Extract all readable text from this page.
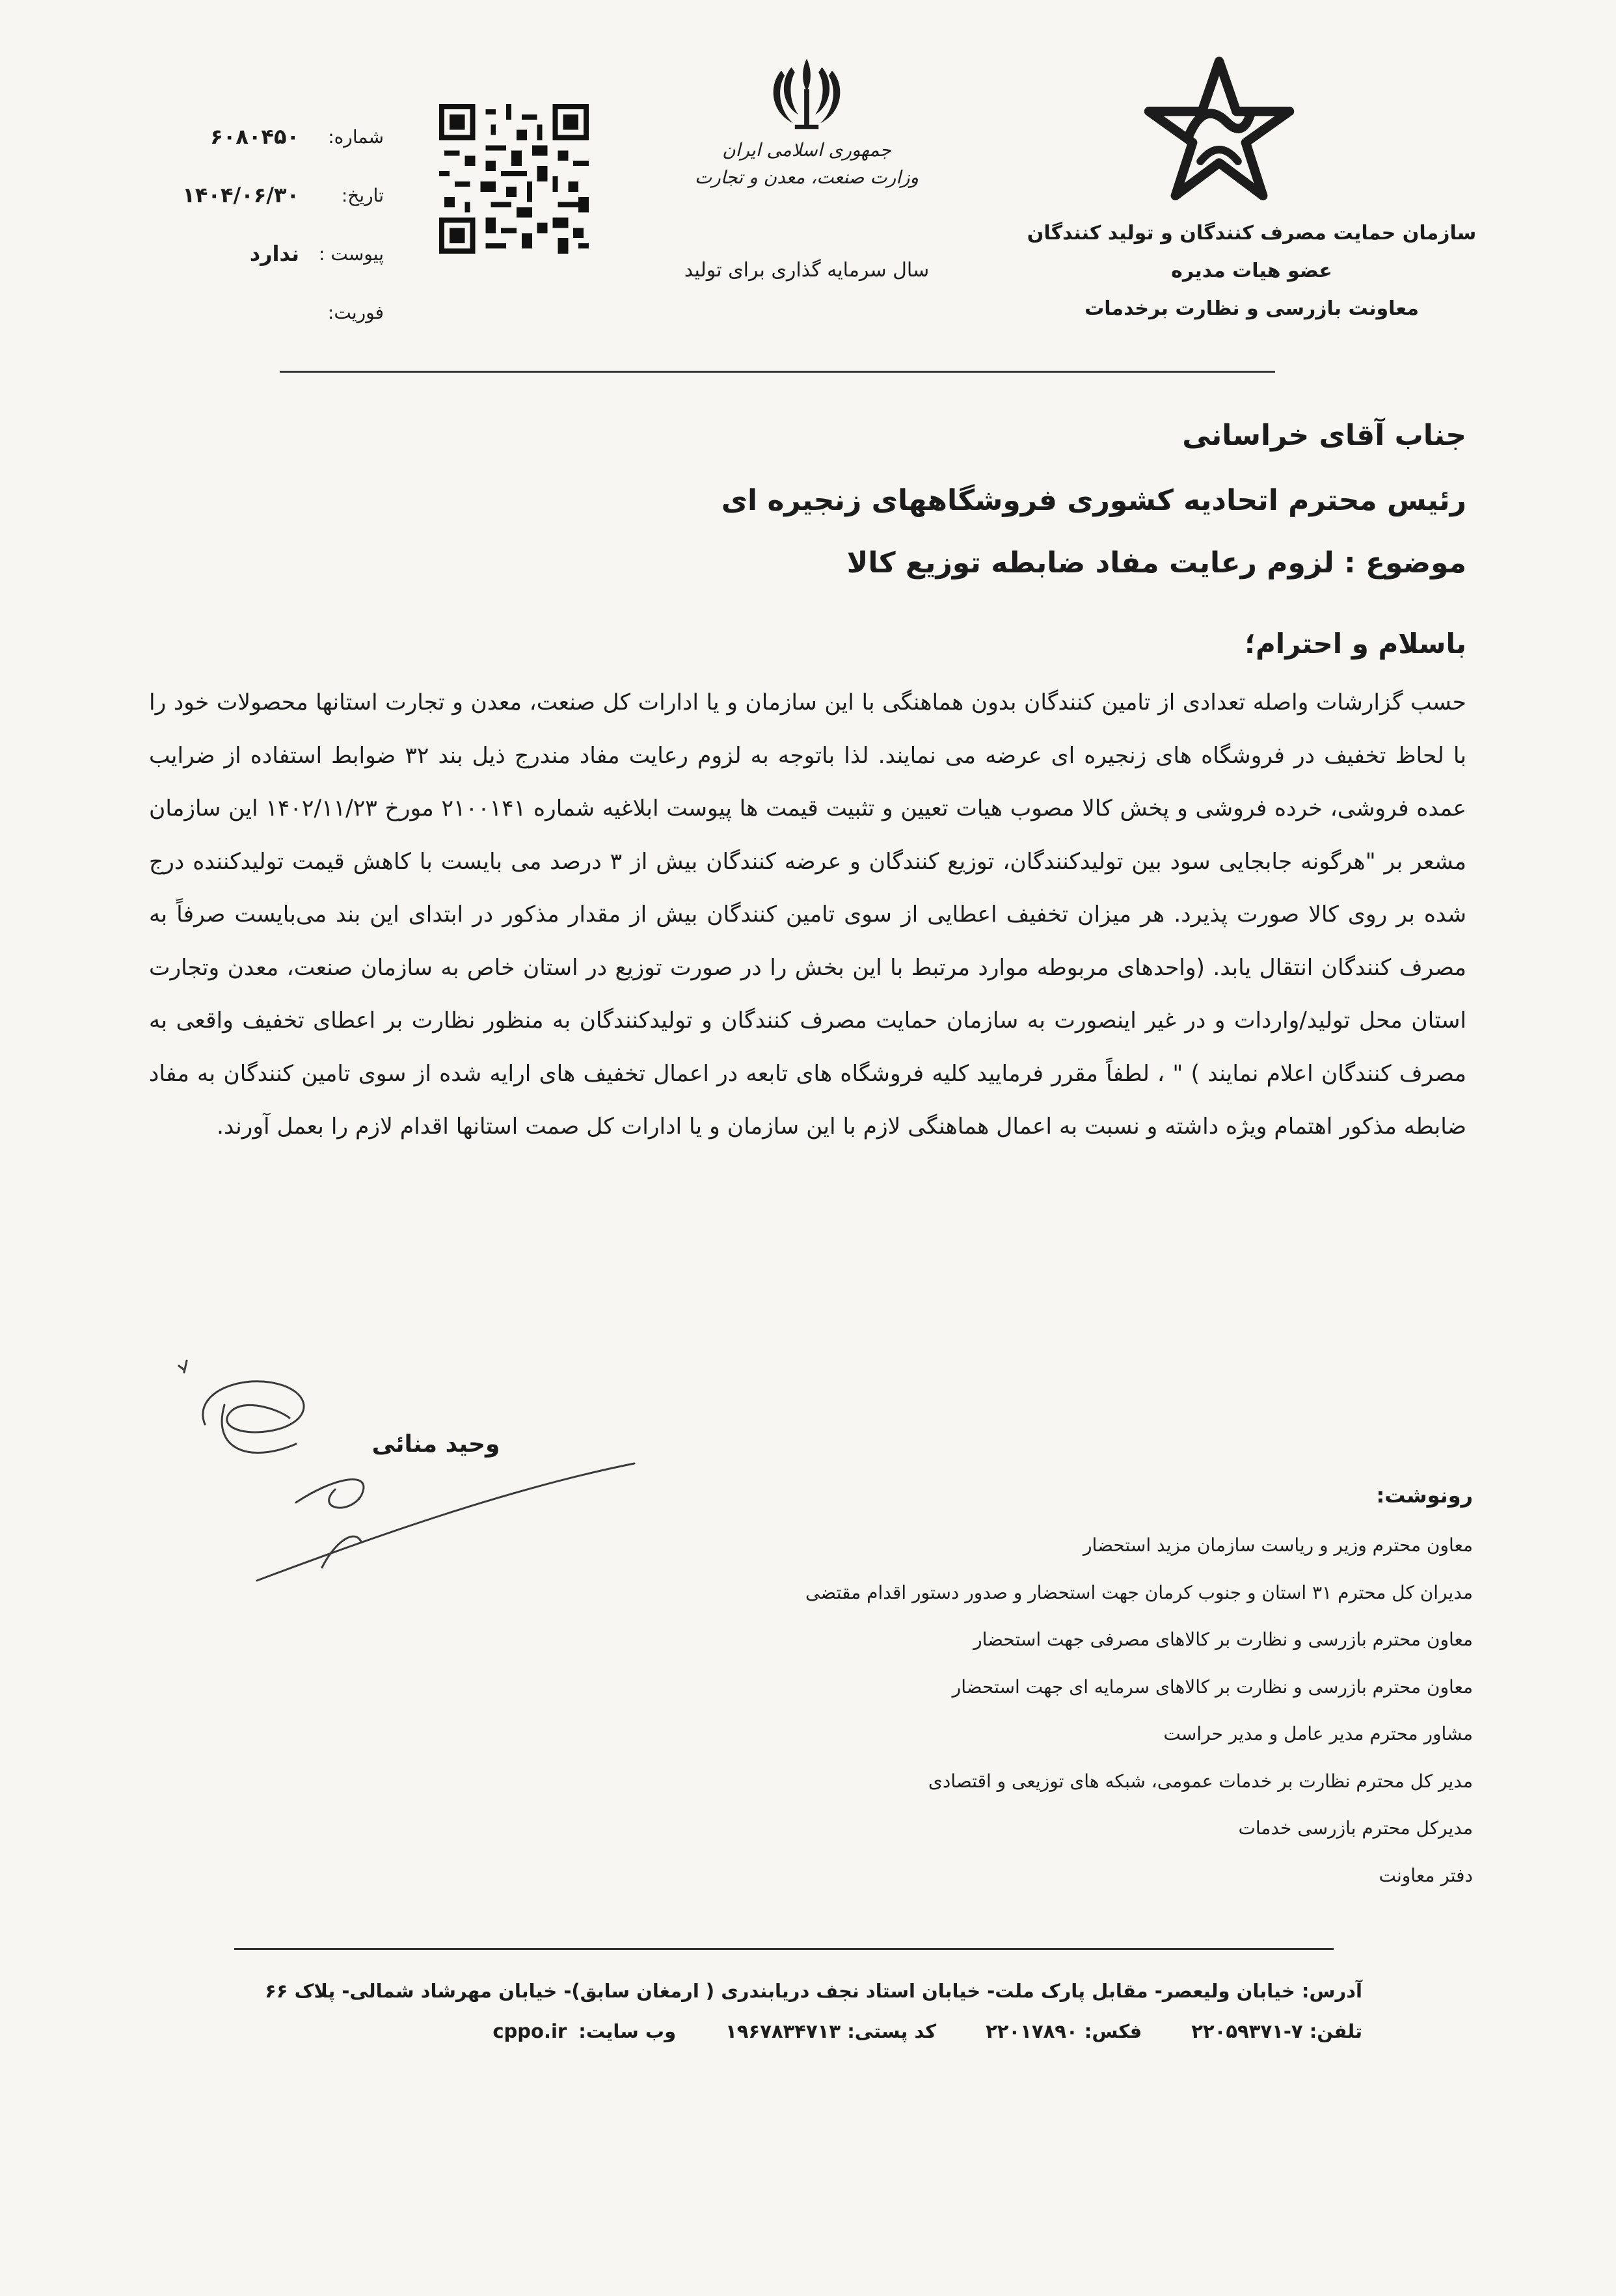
سازمان حمایت مصرف کنندگان و تولید کنندگان
عضو هیات مدیره
معاونت بازرسی و نظارت برخدمات
جمهوری اسلامی ایران
وزارت صنعت، معدن و تجارت
سال سرمایه گذاری برای تولید
شماره:
۶۰۸۰۴۵۰
تاریخ:
۱۴۰۴/۰۶/۳۰
پیوست :
ندارد
فوریت:
جناب آقای خراسانی
رئیس محترم اتحادیه کشوری فروشگاههای زنجیره ای
موضوع : لزوم رعایت مفاد ضابطه توزیع کالا
باسلام و احترام؛

حسب گزارشات واصله تعدادی از تامین کنندگان بدون هماهنگی با این سازمان و یا ادارات کل صنعت، معدن و تجارت استانها محصولات خود را با لحاظ تخفیف در فروشگاه های زنجیره ای عرضه می نمایند. لذا باتوجه به لزوم رعایت مفاد مندرج ذیل بند ۳۲ ضوابط استفاده از ضرایب عمده فروشی، خرده فروشی و پخش کالا مصوب هیات تعیین و تثبیت قیمت ها پیوست ابلاغیه شماره ۲۱۰۰۱۴۱ مورخ ۱۴۰۲/۱۱/۲۳ این سازمان مشعر بر "هرگونه جابجایی سود بین تولیدکنندگان، توزیع کنندگان و عرضه کنندگان بیش از ۳ درصد می بایست با کاهش قیمت تولیدکننده درج شده بر روی کالا صورت پذیرد. هر میزان تخفیف اعطایی از سوی تامین کنندگان بیش از مقدار مذکور در ابتدای این بند می‌بایست صرفاً به مصرف کنندگان انتقال یابد. (واحدهای مربوطه موارد مرتبط با این بخش را در صورت توزیع در استان خاص به سازمان صنعت، معدن وتجارت استان محل تولید/واردات و در غیر اینصورت به سازمان حمایت مصرف کنندگان و تولیدکنندگان به منظور نظارت بر اعطای تخفیف واقعی به مصرف کنندگان اعلام نمایند ) " ، لطفاً مقرر فرمایید کلیه فروشگاه های تابعه در اعمال تخفیف های ارایه شده از سوی تامین کنندگان به مفاد ضابطه مذکور اهتمام ویژه داشته و نسبت به اعمال هماهنگی لازم با این سازمان و یا ادارات کل صمت استانها اقدام لازم را بعمل آورند.

وحید منائی
رونوشت:
معاون محترم وزیر و ریاست سازمان مزید استحضار
مدیران کل محترم ۳۱ استان و جنوب کرمان جهت استحضار و صدور دستور اقدام مقتضی
معاون محترم بازرسی و نظارت بر کالاهای مصرفی جهت استحضار
معاون محترم بازرسی و نظارت بر کالاهای سرمایه ای جهت استحضار
مشاور محترم مدیر عامل و مدیر حراست
مدیر کل محترم نظارت بر خدمات عمومی، شبکه های توزیعی و اقتصادی
مدیرکل محترم بازرسی خدمات
دفتر معاونت
آدرس: خیابان ولیعصر- مقابل پارک ملت- خیابان استاد نجف دریابندری ( ارمغان سابق)- خیابان مهرشاد شمالی- پلاک ۶۶
تلفن: ۷-۲۲۰۵۹۳۷۱
فکس: ۲۲۰۱۷۸۹۰
کد پستی: ۱۹۶۷۸۳۴۷۱۳
وب سایت:
cppo.ir
